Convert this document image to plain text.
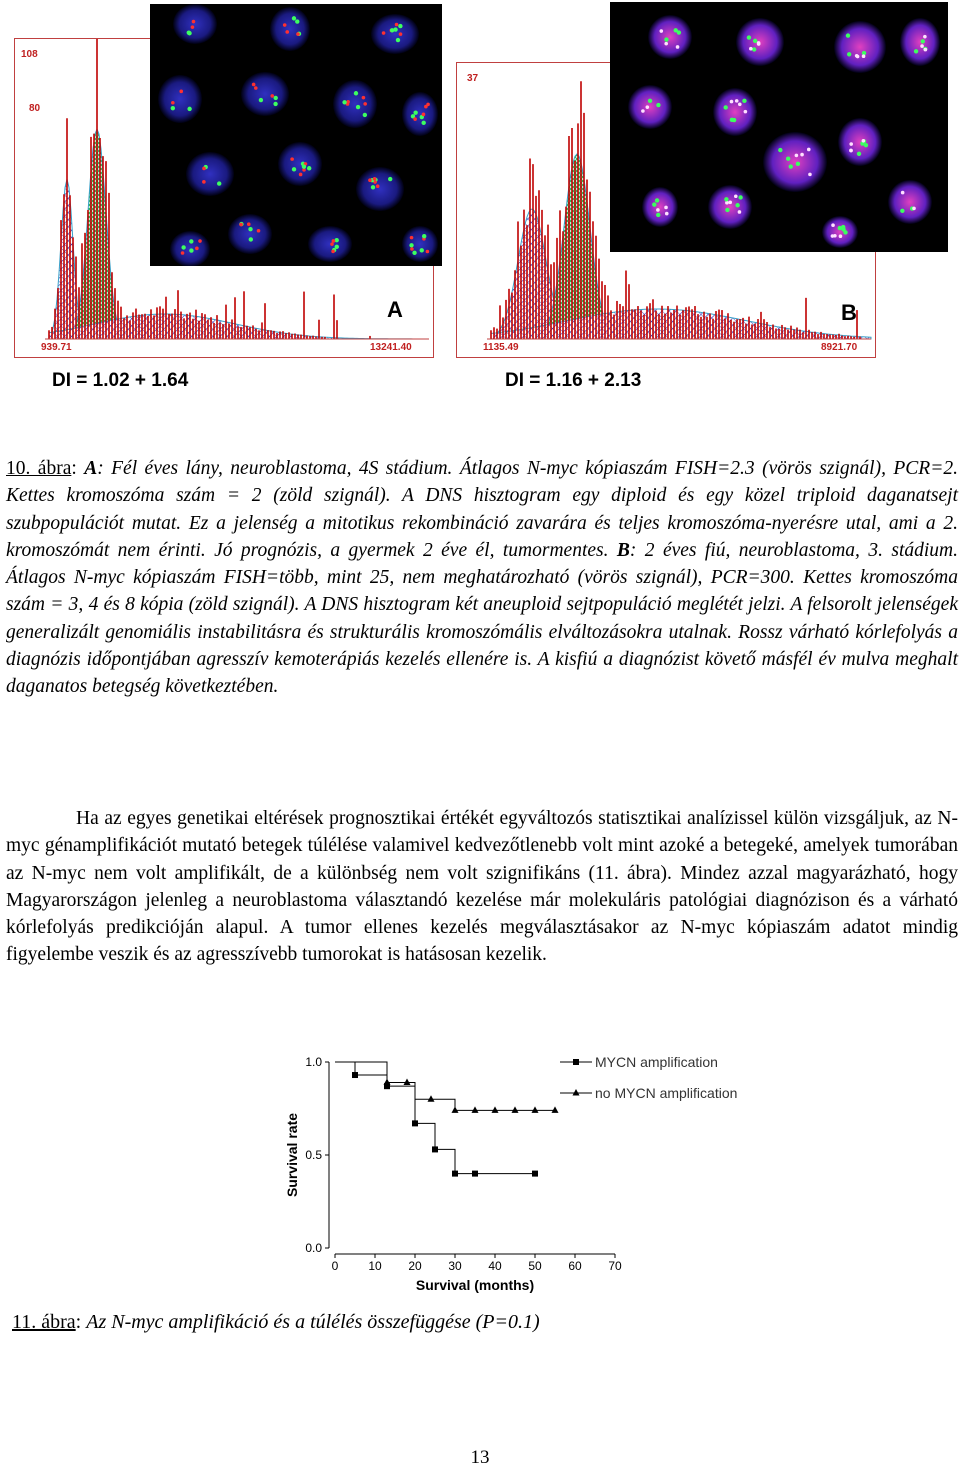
108
80
939.71	13241.40
A
37
1135.49	8921.70
B
DI = 1.02 + 1.64	DI = 1.16 + 2.13
10. ábra: A: Fél éves lány, neuroblastoma, 4S stádium. Átlagos N-myc kópiaszám FISH=2.3 (vörös szignál), PCR=2. Kettes kromoszóma szám = 2 (zöld szignál). A DNS hisztogram egy diploid és egy közel triploid daganatsejt szubpopulációt mutat. Ez a jelenség a mitotikus rekombináció zavarára és teljes kromoszóma-nyerésre utal, ami a 2. kromoszómát nem érinti. Jó prognózis, a gyermek 2 éve él, tumormentes. B: 2 éves fiú, neuroblastoma, 3. stádium. Átlagos N-myc kópiaszám FISH=több, mint 25, nem meghatározható (vörös szignál), PCR=300. Kettes kromoszóma szám = 3, 4 és 8 kópia (zöld szignál). A DNS hisztogram két aneuploid sejtpopuláció meglétét jelzi. A felsorolt jelenségek generalizált genomiális instabilitásra és strukturális kromoszómális elváltozásokra utalnak. Rossz várható kórlefolyás a diagnózis időpontjában agresszív kemoterápiás kezelés ellenére is. A kisfiú a diagnózist követő másfél év mulva meghalt daganatos betegség következtében.
Ha az egyes genetikai eltérések prognosztikai értékét egyváltozós statisztikai analízissel külön vizsgáljuk, az N-myc génamplifikációt mutató betegek túlélése valamivel kedvezőtlenebb volt mint azoké a betegeké, amelyek tumorában az N-myc nem volt amplifikált, de a különbség nem volt szignifikáns (11. ábra). Mindez azzal magyarázható, hogy Magyarországon jelenleg a neuroblastoma választandó kezelése már molekuláris patológiai diagnózison és a várható kórlefolyás predikcióján alapul. A tumor ellenes kezelés megválasztásakor az N-myc kópiaszám adatot mindig figyelembe veszik és az agresszívebb tumorokat is hatásosan kezelik.
0 10 20 30 40 50 60 70
0.0
0.5
1.0
Survival (months)
Survival rate
MYCN amplification
no MYCN amplification
11. ábra: Az N-myc amplifikáció és a túlélés összefüggése (P=0.1)
13
